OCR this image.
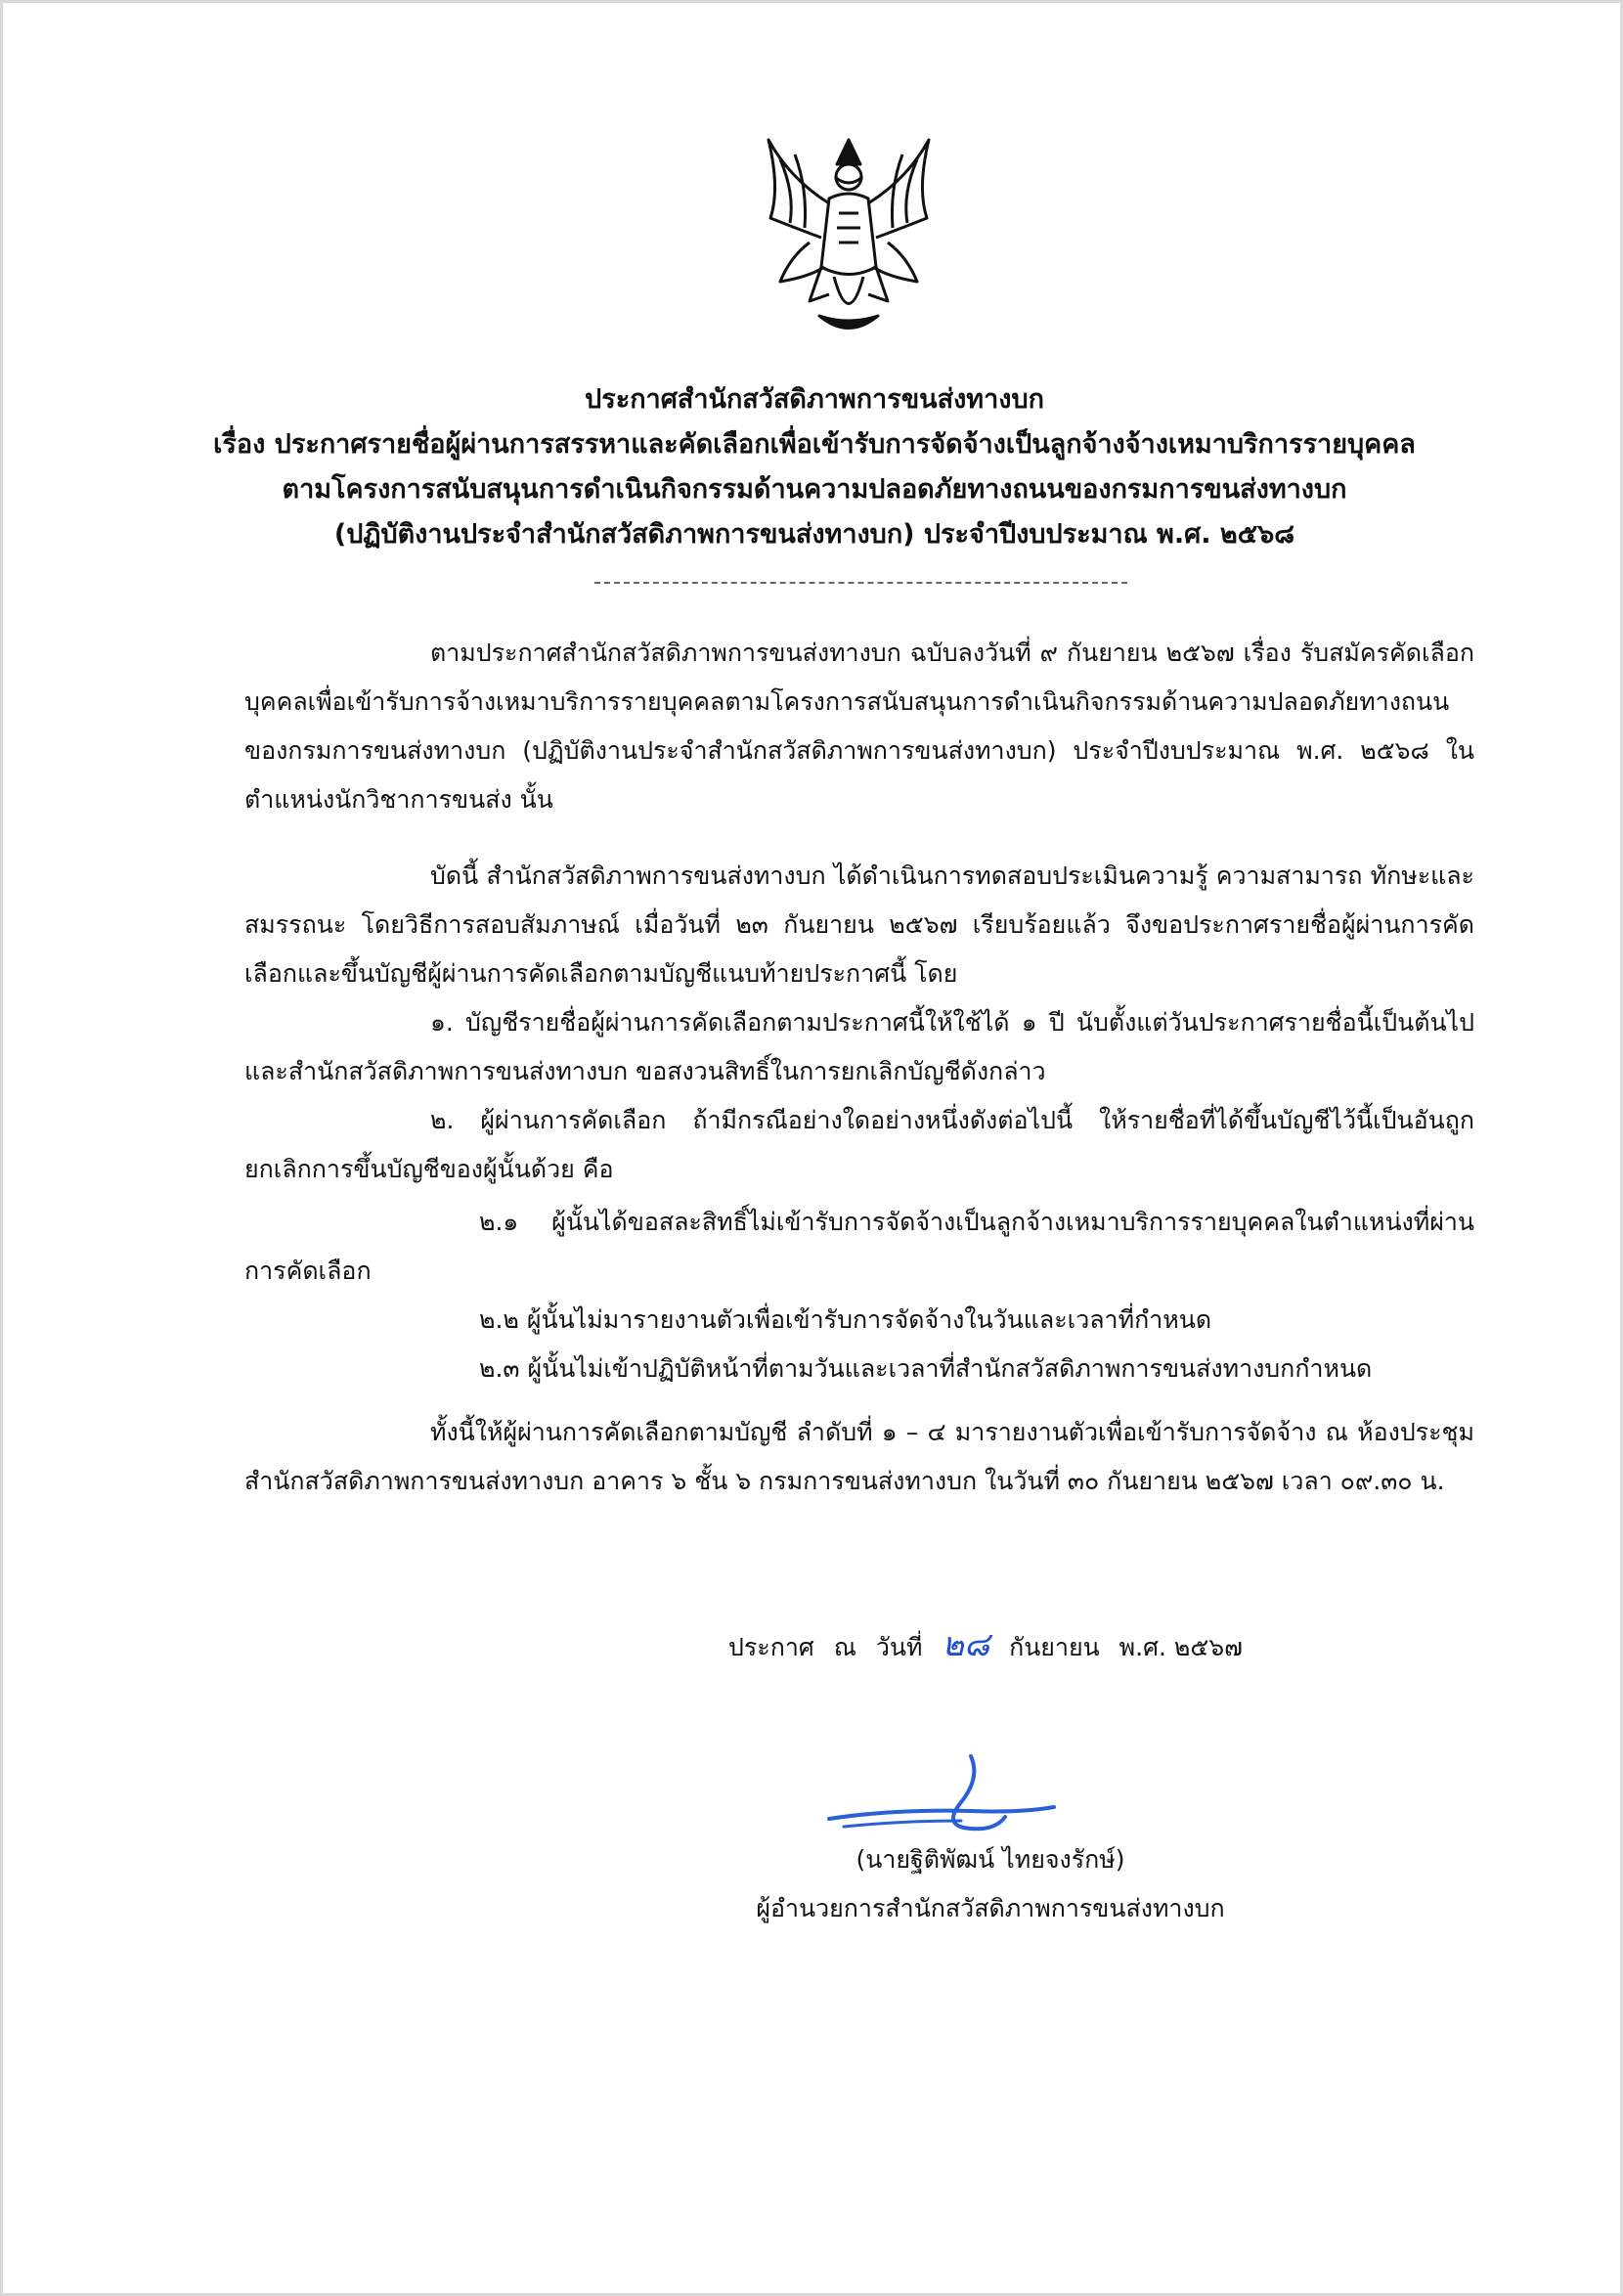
ประกาศสำนักสวัสดิภาพการขนส่งทางบก
เรื่อง ประกาศรายชื่อผู้ผ่านการสรรหาและคัดเลือกเพื่อเข้ารับการจัดจ้างเป็นลูกจ้างจ้างเหมาบริการรายบุคคล
ตามโครงการสนับสนุนการดำเนินกิจกรรมด้านความปลอดภัยทางถนนของกรมการขนส่งทางบก
(ปฏิบัติงานประจำสำนักสวัสดิภาพการขนส่งทางบก) ประจำปีงบประมาณ พ.ศ. ๒๕๖๘

ตามประกาศสำนักสวัสดิภาพการขนส่งทางบก ฉบับลงวันที่ ๙ กันยายน ๒๕๖๗ เรื่อง รับสมัครคัดเลือกบุคคลเพื่อเข้ารับการจ้างเหมาบริการรายบุคคลตามโครงการสนับสนุนการดำเนินกิจกรรมด้านความปลอดภัยทางถนนของกรมการขนส่งทางบก (ปฏิบัติงานประจำสำนักสวัสดิภาพการขนส่งทางบก) ประจำปีงบประมาณ พ.ศ. ๒๕๖๘ ในตำแหน่งนักวิชาการขนส่ง นั้น

บัดนี้ สำนักสวัสดิภาพการขนส่งทางบก ได้ดำเนินการทดสอบประเมินความรู้ ความสามารถ ทักษะและสมรรถนะ โดยวิธีการสอบสัมภาษณ์ เมื่อวันที่ ๒๓ กันยายน ๒๕๖๗ เรียบร้อยแล้ว จึงขอประกาศรายชื่อผู้ผ่านการคัดเลือกและขึ้นบัญชีผู้ผ่านการคัดเลือกตามบัญชีแนบท้ายประกาศนี้ โดย

๑. บัญชีรายชื่อผู้ผ่านการคัดเลือกตามประกาศนี้ให้ใช้ได้ ๑ ปี นับตั้งแต่วันประกาศรายชื่อนี้เป็นต้นไป และสำนักสวัสดิภาพการขนส่งทางบก ขอสงวนสิทธิ์ในการยกเลิกบัญชีดังกล่าว

๒. ผู้ผ่านการคัดเลือก ถ้ามีกรณีอย่างใดอย่างหนึ่งดังต่อไปนี้ ให้รายชื่อที่ได้ขึ้นบัญชีไว้นี้เป็นอันถูกยกเลิกการขึ้นบัญชีของผู้นั้นด้วย คือ

๒.๑ ผู้นั้นได้ขอสละสิทธิ์ไม่เข้ารับการจัดจ้างเป็นลูกจ้างเหมาบริการรายบุคคลในตำแหน่งที่ผ่านการคัดเลือก

๒.๒ ผู้นั้นไม่มารายงานตัวเพื่อเข้ารับการจัดจ้างในวันและเวลาที่กำหนด

๒.๓ ผู้นั้นไม่เข้าปฏิบัติหน้าที่ตามวันและเวลาที่สำนักสวัสดิภาพการขนส่งทางบกกำหนด

ทั้งนี้ให้ผู้ผ่านการคัดเลือกตามบัญชี ลำดับที่ ๑ – ๔ มารายงานตัวเพื่อเข้ารับการจัดจ้าง ณ ห้องประชุมสำนักสวัสดิภาพการขนส่งทางบก อาคาร ๖ ชั้น ๖ กรมการขนส่งทางบก ในวันที่ ๓๐ กันยายน ๒๕๖๗ เวลา ๐๙.๓๐ น.

ประกาศ ณ วันที่ ๒๘ กันยายน พ.ศ. ๒๕๖๗
(นายฐิติพัฒน์ ไทยจงรักษ์)
ผู้อำนวยการสำนักสวัสดิภาพการขนส่งทางบก
